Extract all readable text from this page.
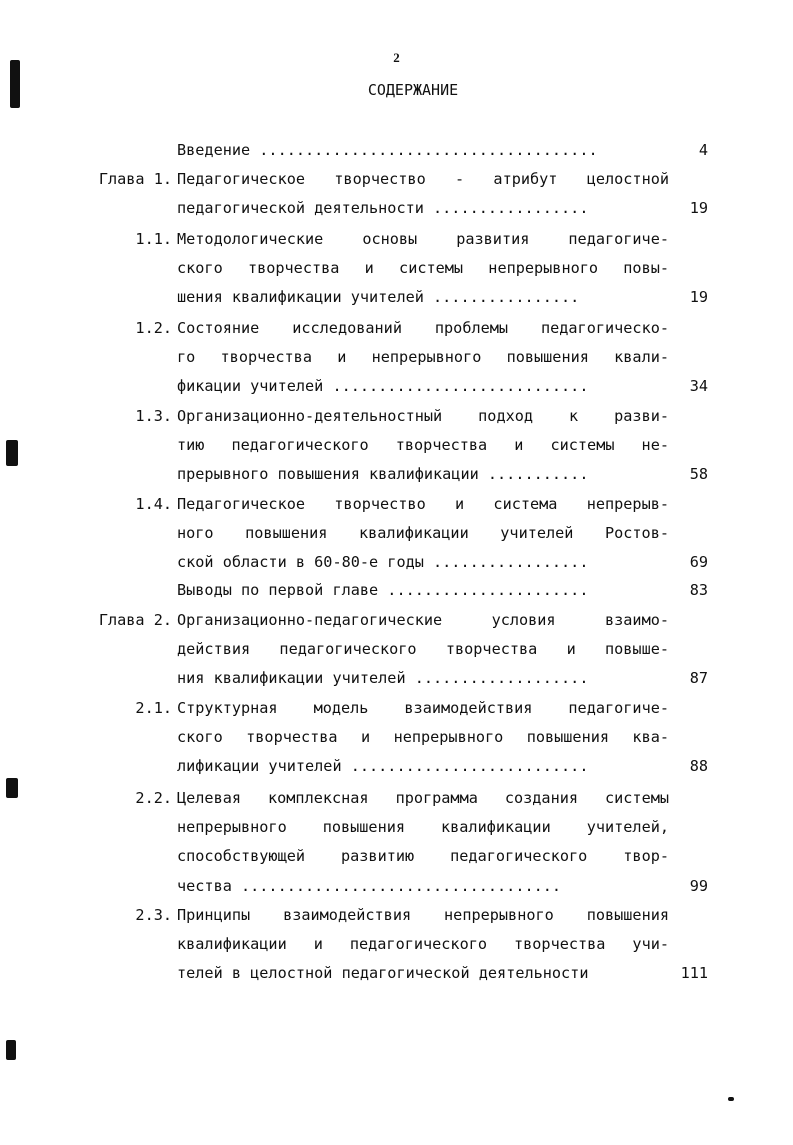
2
СОДЕРЖАНИЕ
Введение .....................................	4
Глава 1. Педагогическое творчество - атрибут целостной
педагогической деятельности .................	19
1.1. Методологические основы развития педагогиче-
ского творчества и системы непрерывного повы-
шения квалификации учителей ................	19
1.2. Состояние исследований проблемы педагогическо-
го творчества и непрерывного повышения квали-
фикации учителей ............................	34
1.3. Организационно-деятельностный подход к разви-
тию педагогического творчества и системы не-
прерывного повышения квалификации ...........	58
1.4. Педагогическое творчество и система непрерыв-
ного повышения квалификации учителей Ростов-
ской области в 60-80-е годы .................	69
Выводы по первой главе ......................	83
Глава 2. Организационно-педагогические условия взаимо-
действия педагогического творчества и повыше-
ния квалификации учителей ...................	87
2.1. Структурная модель взаимодействия педагогиче-
ского творчества и непрерывного повышения ква-
лификации учителей ..........................	88
2.2. Целевая комплексная программа создания системы
непрерывного повышения квалификации учителей,
способствующей развитию педагогического твор-
чества ...................................	99
2.3. Принципы взаимодействия непрерывного повышения
квалификации и педагогического творчества учи-
телей в целостной педагогической деятельности	111
